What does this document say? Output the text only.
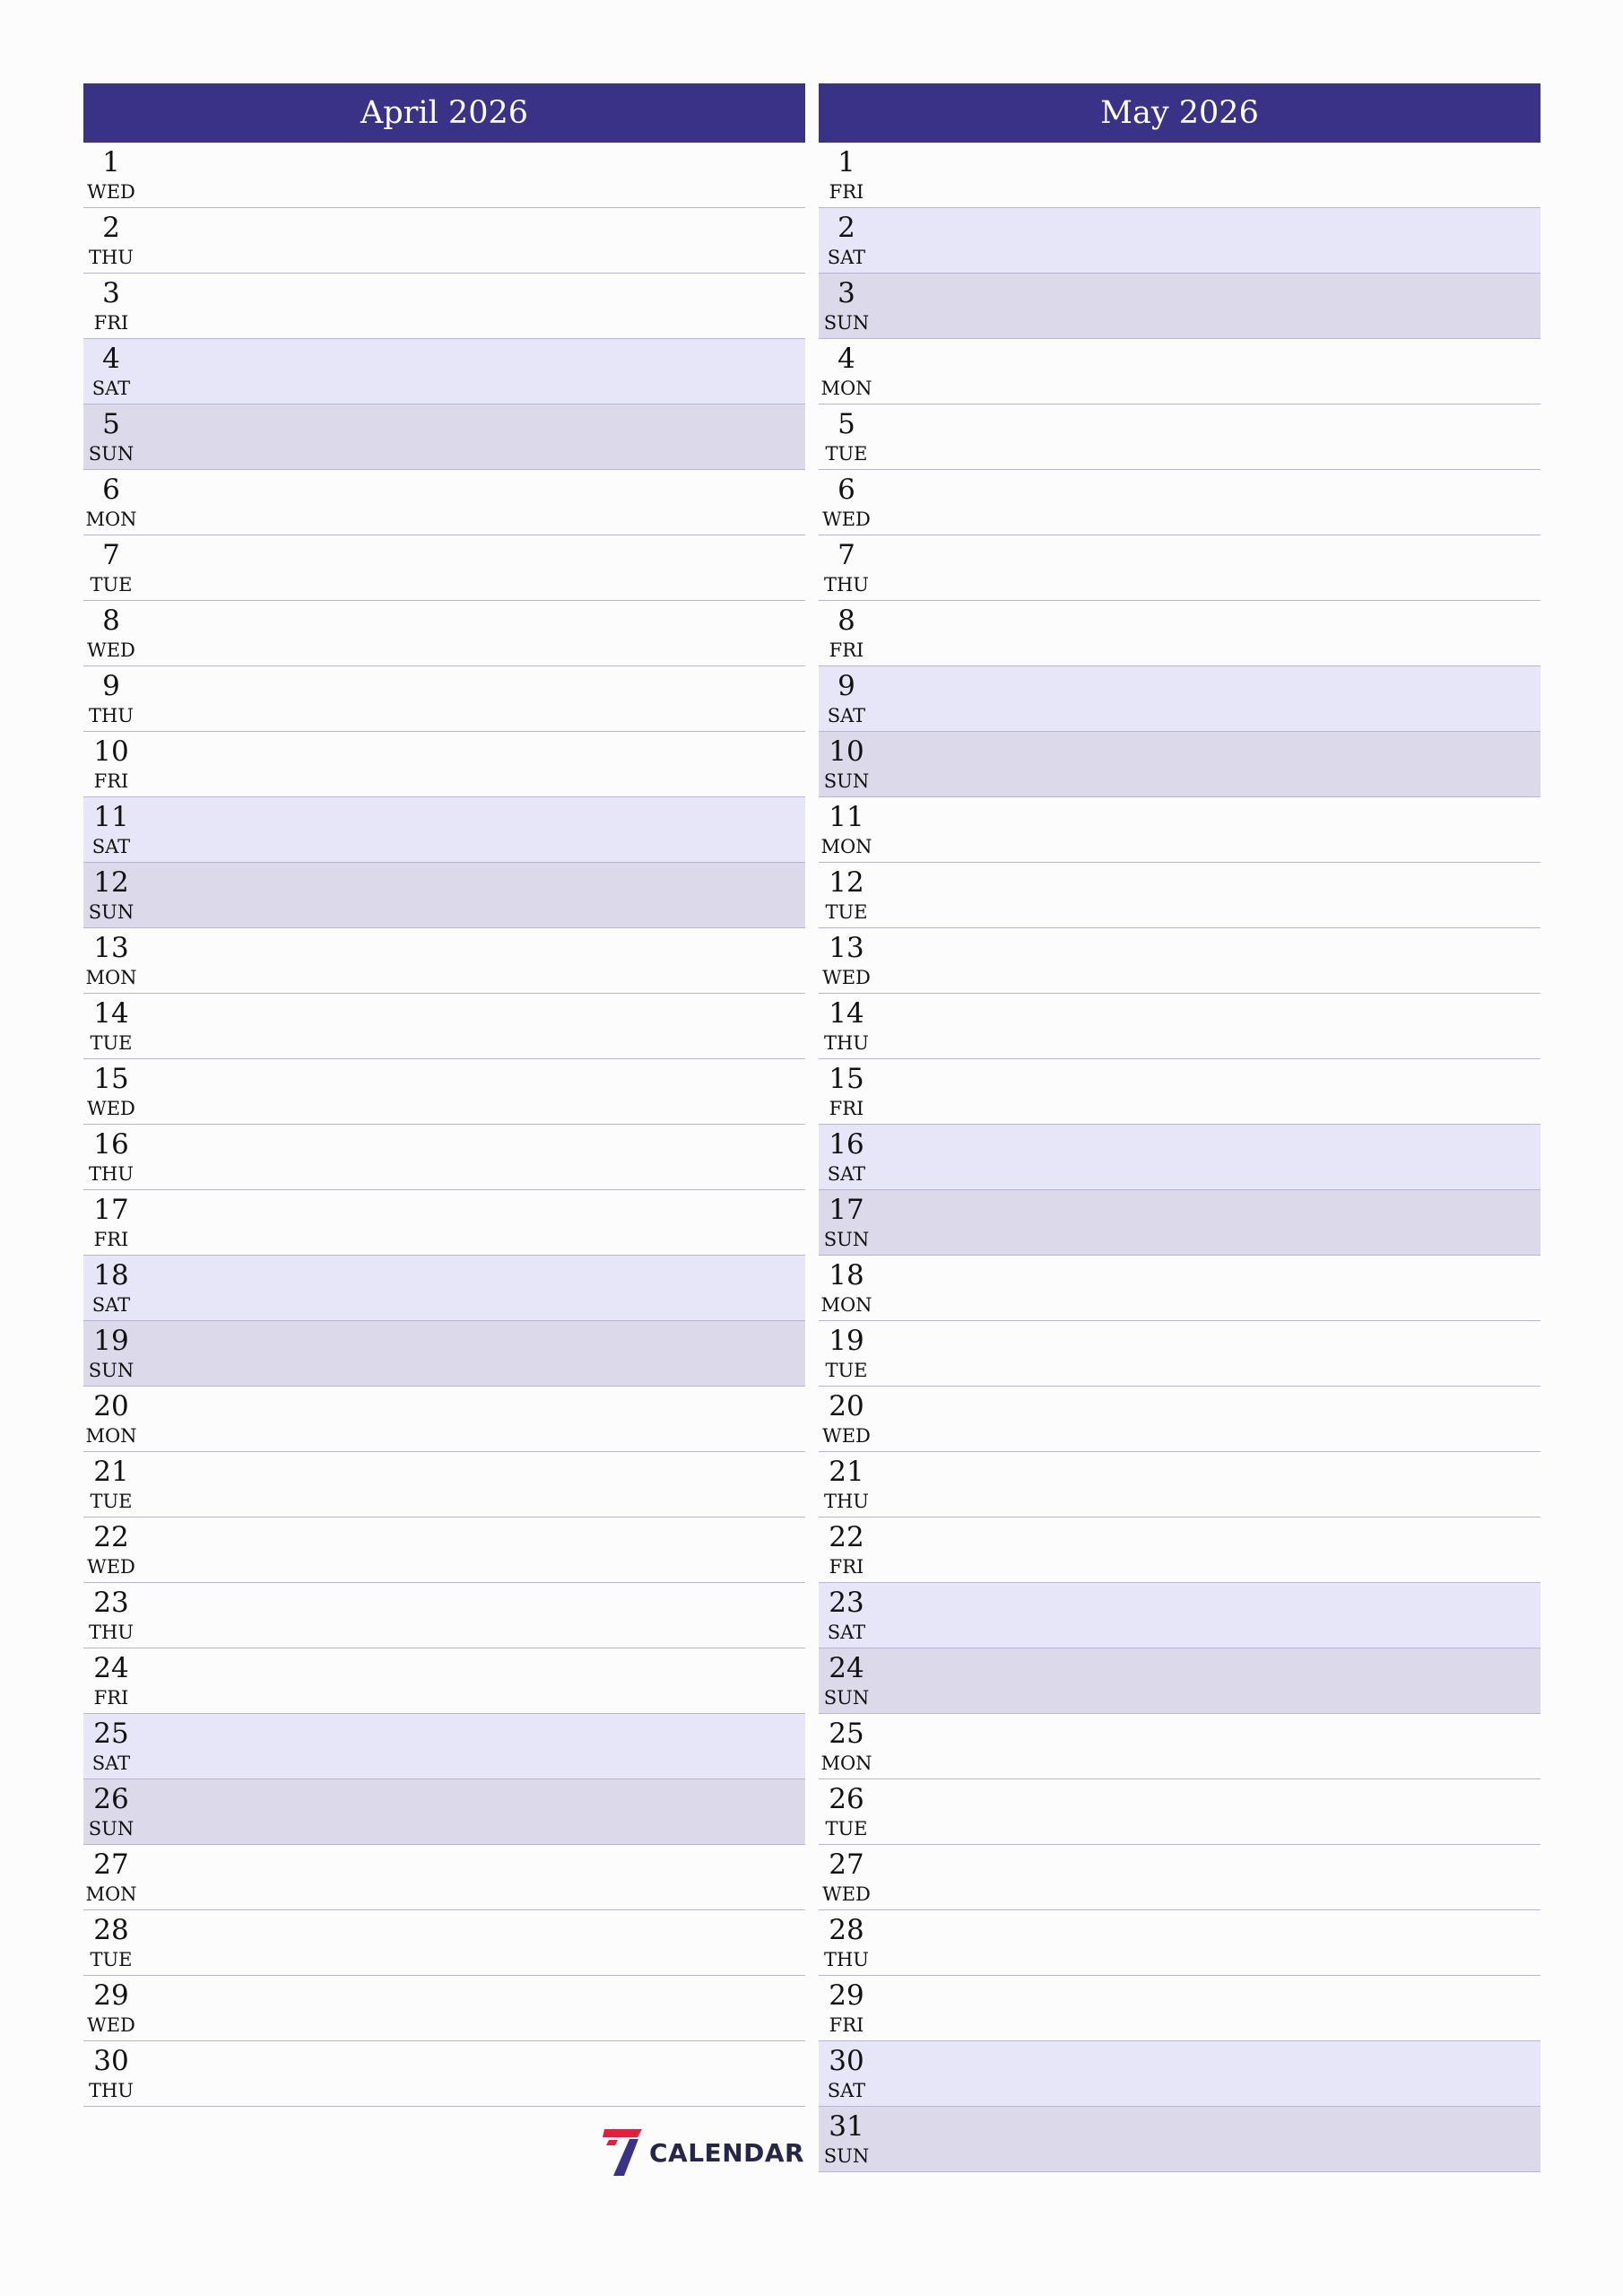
April 2026
1
WED
2
THU
3
FRI
4
SAT
5
SUN
6
MON
7
TUE
8
WED
9
THU
10
FRI
11
SAT
12
SUN
13
MON
14
TUE
15
WED
16
THU
17
FRI
18
SAT
19
SUN
20
MON
21
TUE
22
WED
23
THU
24
FRI
25
SAT
26
SUN
27
MON
28
TUE
29
WED
30
THU
May 2026
1
FRI
2
SAT
3
SUN
4
MON
5
TUE
6
WED
7
THU
8
FRI
9
SAT
10
SUN
11
MON
12
TUE
13
WED
14
THU
15
FRI
16
SAT
17
SUN
18
MON
19
TUE
20
WED
21
THU
22
FRI
23
SAT
24
SUN
25
MON
26
TUE
27
WED
28
THU
29
FRI
30
SAT
31
SUN
CALENDAR
